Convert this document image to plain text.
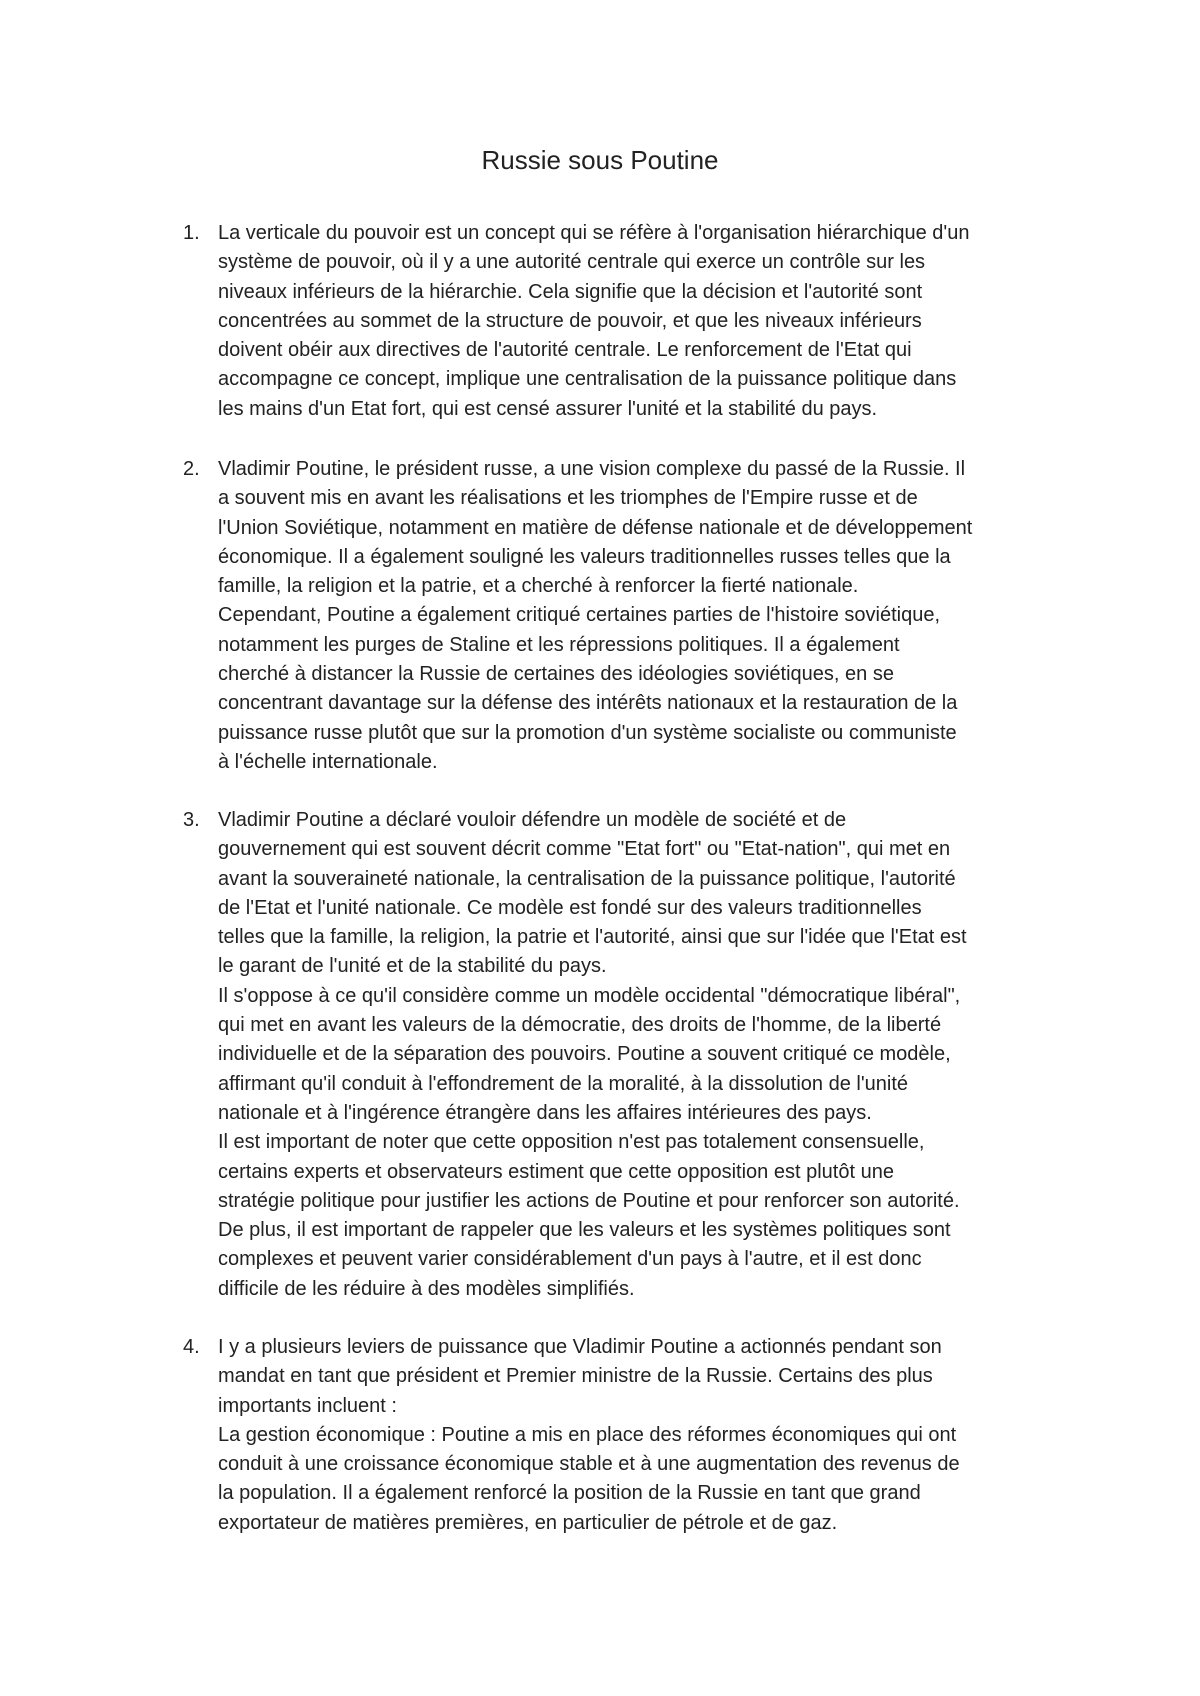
Russie sous Poutine
1. La verticale du pouvoir est un concept qui se réfère à l'organisation hiérarchique d'un
système de pouvoir, où il y a une autorité centrale qui exerce un contrôle sur les
niveaux inférieurs de la hiérarchie. Cela signifie que la décision et l'autorité sont
concentrées au sommet de la structure de pouvoir, et que les niveaux inférieurs
doivent obéir aux directives de l'autorité centrale. Le renforcement de l'Etat qui
accompagne ce concept, implique une centralisation de la puissance politique dans
les mains d'un Etat fort, qui est censé assurer l'unité et la stabilité du pays.
2. Vladimir Poutine, le président russe, a une vision complexe du passé de la Russie. Il
a souvent mis en avant les réalisations et les triomphes de l'Empire russe et de
l'Union Soviétique, notamment en matière de défense nationale et de développement
économique. Il a également souligné les valeurs traditionnelles russes telles que la
famille, la religion et la patrie, et a cherché à renforcer la fierté nationale.
Cependant, Poutine a également critiqué certaines parties de l'histoire soviétique,
notamment les purges de Staline et les répressions politiques. Il a également
cherché à distancer la Russie de certaines des idéologies soviétiques, en se
concentrant davantage sur la défense des intérêts nationaux et la restauration de la
puissance russe plutôt que sur la promotion d'un système socialiste ou communiste
à l'échelle internationale.
3. Vladimir Poutine a déclaré vouloir défendre un modèle de société et de
gouvernement qui est souvent décrit comme "Etat fort" ou "Etat-nation", qui met en
avant la souveraineté nationale, la centralisation de la puissance politique, l'autorité
de l'Etat et l'unité nationale. Ce modèle est fondé sur des valeurs traditionnelles
telles que la famille, la religion, la patrie et l'autorité, ainsi que sur l'idée que l'Etat est
le garant de l'unité et de la stabilité du pays.
Il s'oppose à ce qu'il considère comme un modèle occidental "démocratique libéral",
qui met en avant les valeurs de la démocratie, des droits de l'homme, de la liberté
individuelle et de la séparation des pouvoirs. Poutine a souvent critiqué ce modèle,
affirmant qu'il conduit à l'effondrement de la moralité, à la dissolution de l'unité
nationale et à l'ingérence étrangère dans les affaires intérieures des pays.
Il est important de noter que cette opposition n'est pas totalement consensuelle,
certains experts et observateurs estiment que cette opposition est plutôt une
stratégie politique pour justifier les actions de Poutine et pour renforcer son autorité.
De plus, il est important de rappeler que les valeurs et les systèmes politiques sont
complexes et peuvent varier considérablement d'un pays à l'autre, et il est donc
difficile de les réduire à des modèles simplifiés.
4. I y a plusieurs leviers de puissance que Vladimir Poutine a actionnés pendant son
mandat en tant que président et Premier ministre de la Russie. Certains des plus
importants incluent :
La gestion économique : Poutine a mis en place des réformes économiques qui ont
conduit à une croissance économique stable et à une augmentation des revenus de
la population. Il a également renforcé la position de la Russie en tant que grand
exportateur de matières premières, en particulier de pétrole et de gaz.
